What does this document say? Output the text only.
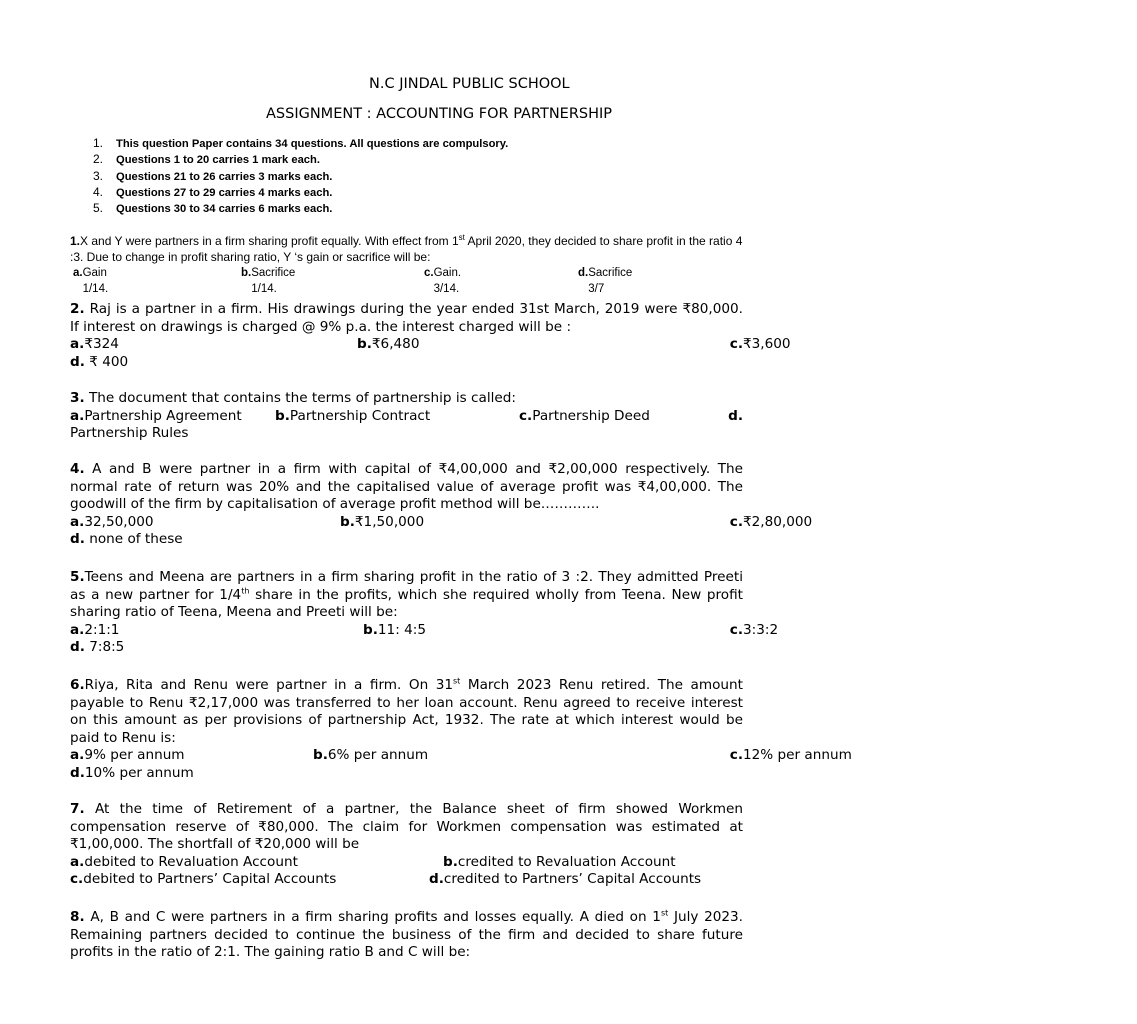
N.C JINDAL PUBLIC SCHOOL
ASSIGNMENT : ACCOUNTING FOR PARTNERSHIP
1. This question Paper contains 34 questions. All questions are compulsory.
2. Questions 1 to 20 carries 1 mark each.
3. Questions 21 to 26 carries 3 marks each.
4. Questions 27 to 29 carries 4 marks each.
5. Questions 30 to 34 carries 6 marks each.
1.X and Y were partners in a firm sharing profit equally. With effect from 1st April 2020, they decided to share profit in the ratio 4 :3. Due to change in profit sharing ratio, Y ‘s gain or sacrifice will be:
a. Gain 1/14.
b. Sacrifice 1/14.
c. Gain. 3/14.
d. Sacrifice 3/7
2. Raj is a partner in a firm. His drawings during the year ended 31st March, 2019 were ₹80,000. If interest on drawings is charged @ 9% p.a. the interest charged will be :
a. ₹324	b. ₹6,480	c. ₹3,600
d. ₹ 400
3. The document that contains the terms of partnership is called:
a. Partnership Agreement b. Partnership Contract	c. Partnership Deed	d.
Partnership Rules
4. A and B were partner in a firm with capital of ₹4,00,000 and ₹2,00,000 respectively. The normal rate of return was 20% and the capitalised value of average profit was ₹4,00,000. The goodwill of the firm by capitalisation of average profit method will be………….
a. 32,50,000	b. ₹1,50,000	c. ₹2,80,000
d. none of these
5.Teens and Meena are partners in a firm sharing profit in the ratio of 3 :2. They admitted Preeti as a new partner for 1/4th share in the profits, which she required wholly from Teena. New profit sharing ratio of Teena, Meena and Preeti will be:
a. 2:1:1	b. 11: 4:5	c. 3:3:2
d. 7:8:5
6.Riya, Rita and Renu were partner in a firm. On 31st March 2023 Renu retired. The amount payable to Renu ₹2,17,000 was transferred to her loan account. Renu agreed to receive interest on this amount as per provisions of partnership Act, 1932. The rate at which interest would be paid to Renu is:
a. 9% per annum	b. 6% per annum	c. 12% per annum
d.10% per annum
7. At the time of Retirement of a partner, the Balance sheet of firm showed Workmen compensation reserve of ₹80,000. The claim for Workmen compensation was estimated at ₹1,00,000. The shortfall of ₹20,000 will be
a. debited to Revaluation Account	b. credited to Revaluation Account
c. debited to Partners’ Capital Accounts	d. credited to Partners’ Capital Accounts
8. A, B and C were partners in a firm sharing profits and losses equally. A died on 1st July 2023. Remaining partners decided to continue the business of the firm and decided to share future profits in the ratio of 2:1. The gaining ratio B and C will be:
